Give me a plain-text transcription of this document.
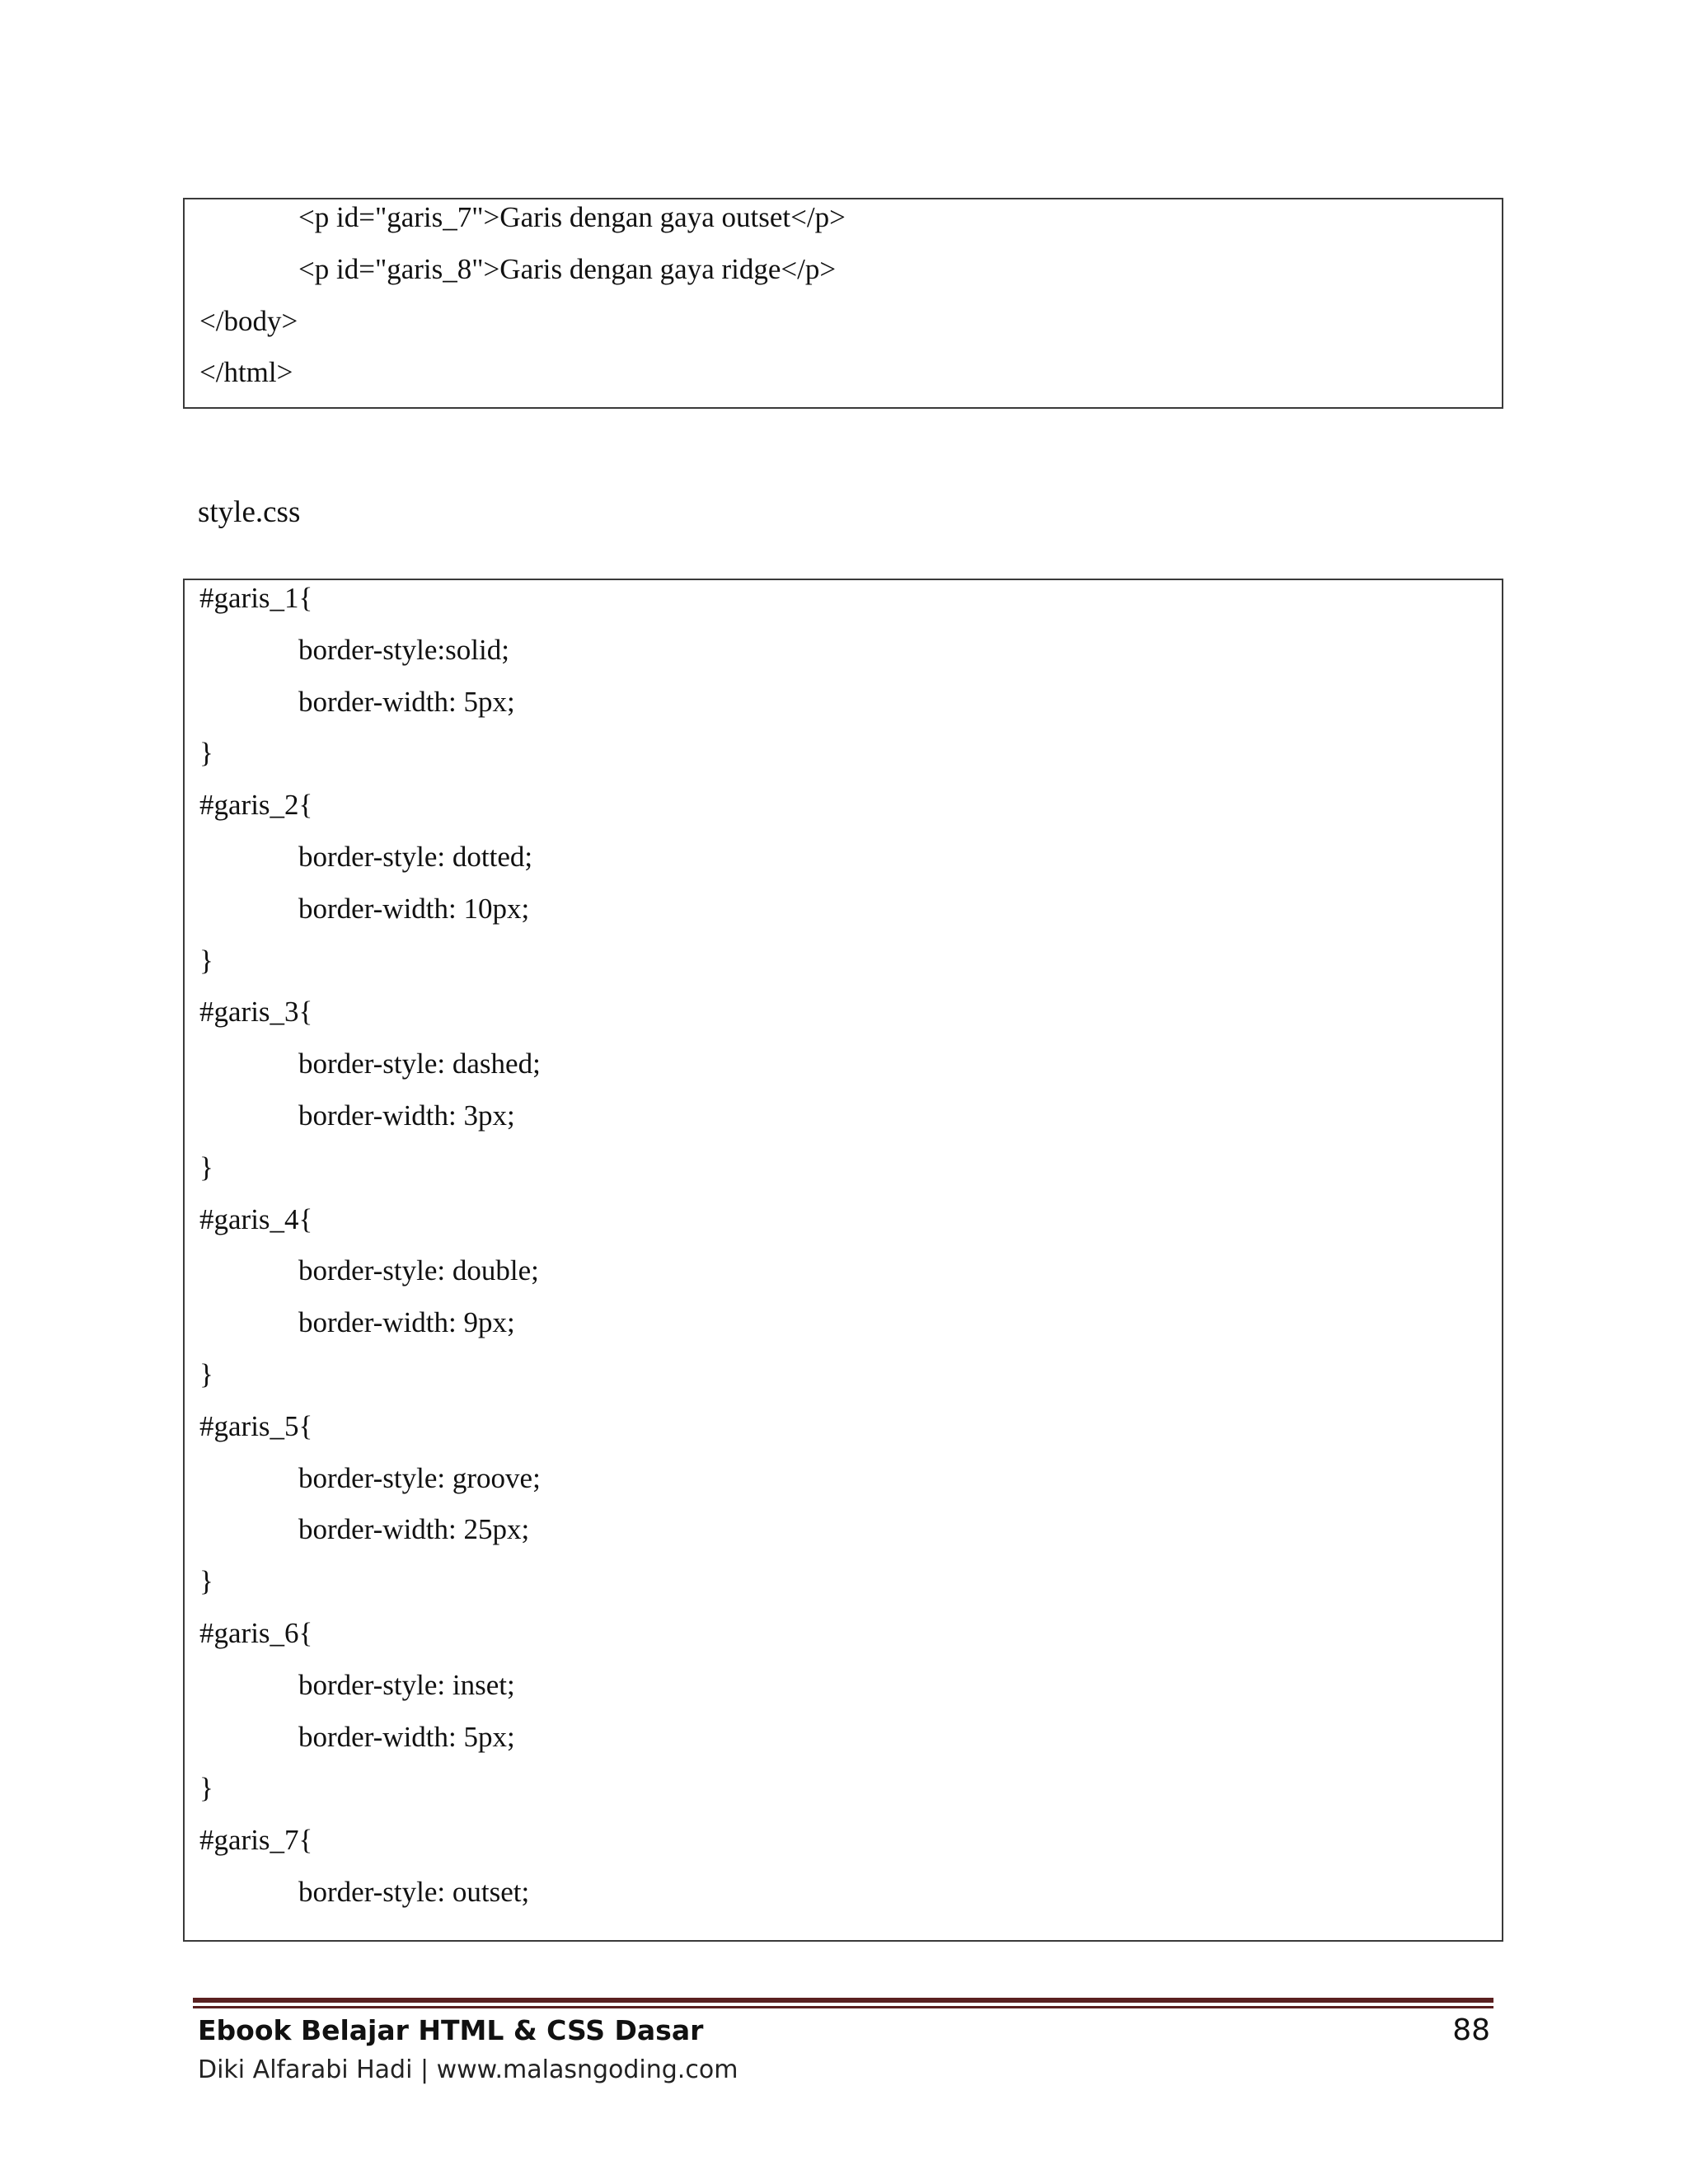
<p id="garis_7">Garis dengan gaya outset</p>
<p id="garis_8">Garis dengan gaya ridge</p>
</body>
</html>
style.css
#garis_1{
border-style:solid;
border-width: 5px;
}
#garis_2{
border-style: dotted;
border-width: 10px;
}
#garis_3{
border-style: dashed;
border-width: 3px;
}
#garis_4{
border-style: double;
border-width: 9px;
}
#garis_5{
border-style: groove;
border-width: 25px;
}
#garis_6{
border-style: inset;
border-width: 5px;
}
#garis_7{
border-style: outset;
Ebook Belajar HTML & CSS Dasar
Diki Alfarabi Hadi | www.malasngoding.com
88
